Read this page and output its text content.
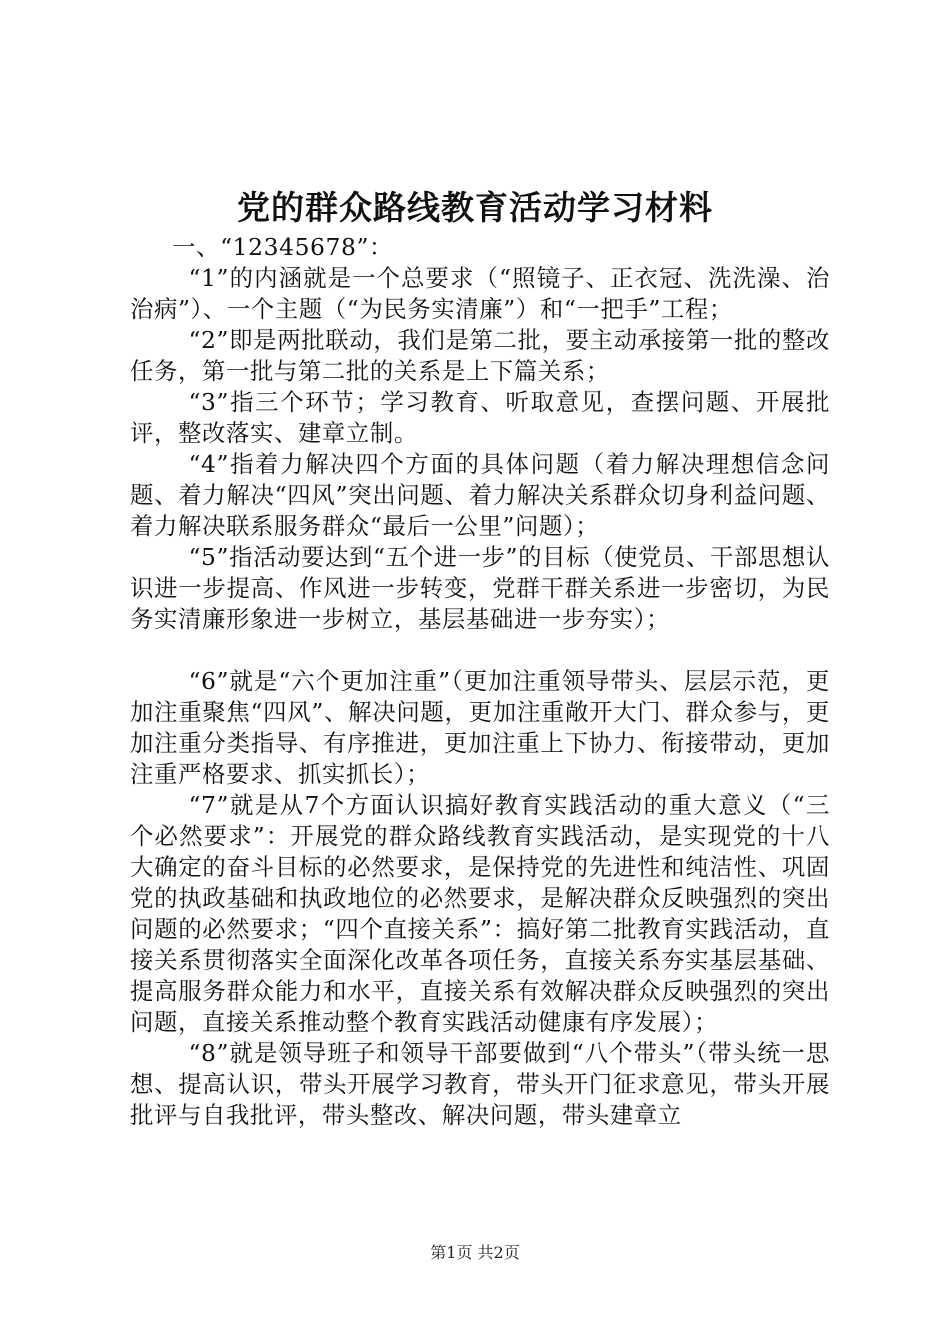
党的群众路线教育活动学习材料

一、“12345678”：

“1”的内涵就是一个总要求（“照镜子、正衣冠、洗洗澡、治治病”）、一个主题（“为民务实清廉”）和“一把手”工程；

“2”即是两批联动，我们是第二批，要主动承接第一批的整改任务，第一批与第二批的关系是上下篇关系；

“3”指三个环节；学习教育、听取意见，查摆问题、开展批评，整改落实、建章立制。

“4”指着力解决四个方面的具体问题（着力解决理想信念问题、着力解决“四风”突出问题、着力解决关系群众切身利益问题、着力解决联系服务群众“最后一公里”问题）；

“5”指活动要达到“五个进一步”的目标（使党员、干部思想认识进一步提高、作风进一步转变，党群干群关系进一步密切，为民务实清廉形象进一步树立，基层基础进一步夯实）；

“6”就是“六个更加注重”（更加注重领导带头、层层示范，更加注重聚焦“四风”、解决问题，更加注重敞开大门、群众参与，更加注重分类指导、有序推进，更加注重上下协力、衔接带动，更加注重严格要求、抓实抓长）；

“7”就是从7个方面认识搞好教育实践活动的重大意义（“三个必然要求”：开展党的群众路线教育实践活动，是实现党的十八大确定的奋斗目标的必然要求，是保持党的先进性和纯洁性、巩固党的执政基础和执政地位的必然要求，是解决群众反映强烈的突出问题的必然要求；“四个直接关系”：搞好第二批教育实践活动，直接关系贯彻落实全面深化改革各项任务，直接关系夯实基层基础、提高服务群众能力和水平，直接关系有效解决群众反映强烈的突出问题，直接关系推动整个教育实践活动健康有序发展）；

“8”就是领导班子和领导干部要做到“八个带头”（带头统一思想、提高认识，带头开展学习教育，带头开门征求意见，带头开展批评与自我批评，带头整改、解决问题，带头建章立

第1页 共2页
